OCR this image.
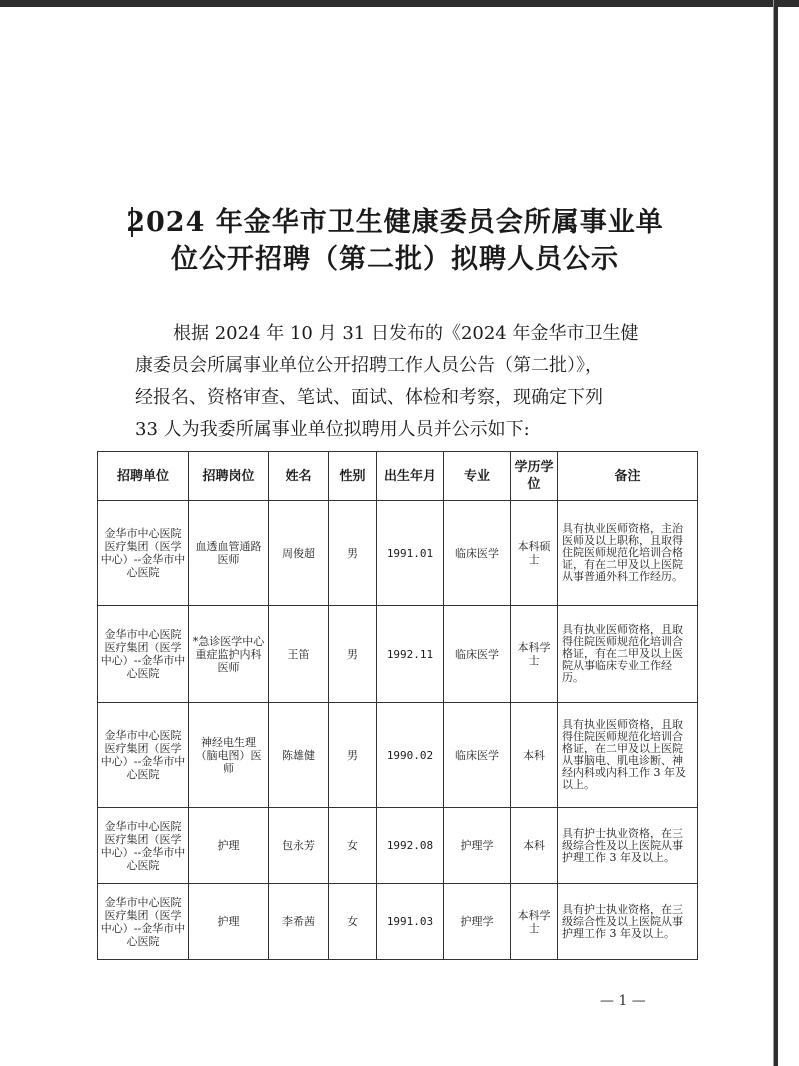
2024 年金华市卫生健康委员会所属事业单
位公开招聘（第二批）拟聘人员公示

根据 2024 年 10 月 31 日发布的《2024 年金华市卫生健
康委员会所属事业单位公开招聘工作人员公告（第二批）》，
经报名、资格审查、笔试、面试、体检和考察，现确定下列
33 人为我委所属事业单位拟聘用人员并公示如下:

招聘单位	招聘岗位	姓名	性别	出生年月	专业	学历学位	备注
金华市中心医院医疗集团（医学中心）--金华市中心医院	血透血管通路医师	周俊超	男	1991.01	临床医学	本科硕士	具有执业医师资格，主治医师及以上职称，且取得住院医师规范化培训合格证，有在二甲及以上医院从事普通外科工作经历。
金华市中心医院医疗集团（医学中心）--金华市中心医院	*急诊医学中心重症监护内科医师	王笛	男	1992.11	临床医学	本科学士	具有执业医师资格，且取得住院医师规范化培训合格证，有在二甲及以上医院从事临床专业工作经历。
金华市中心医院医疗集团（医学中心）--金华市中心医院	神经电生理（脑电图）医师	陈雄健	男	1990.02	临床医学	本科	具有执业医师资格，且取得住院医师规范化培训合格证，在二甲及以上医院从事脑电、肌电诊断、神经内科或内科工作 3 年及以上。
金华市中心医院医疗集团（医学中心）--金华市中心医院	护理	包永芳	女	1992.08	护理学	本科	具有护士执业资格，在三级综合性及以上医院从事护理工作 3 年及以上。
金华市中心医院医疗集团（医学中心）--金华市中心医院	护理	李希茜	女	1991.03	护理学	本科学士	具有护士执业资格，在三级综合性及以上医院从事护理工作 3 年及以上。
— 1 —
